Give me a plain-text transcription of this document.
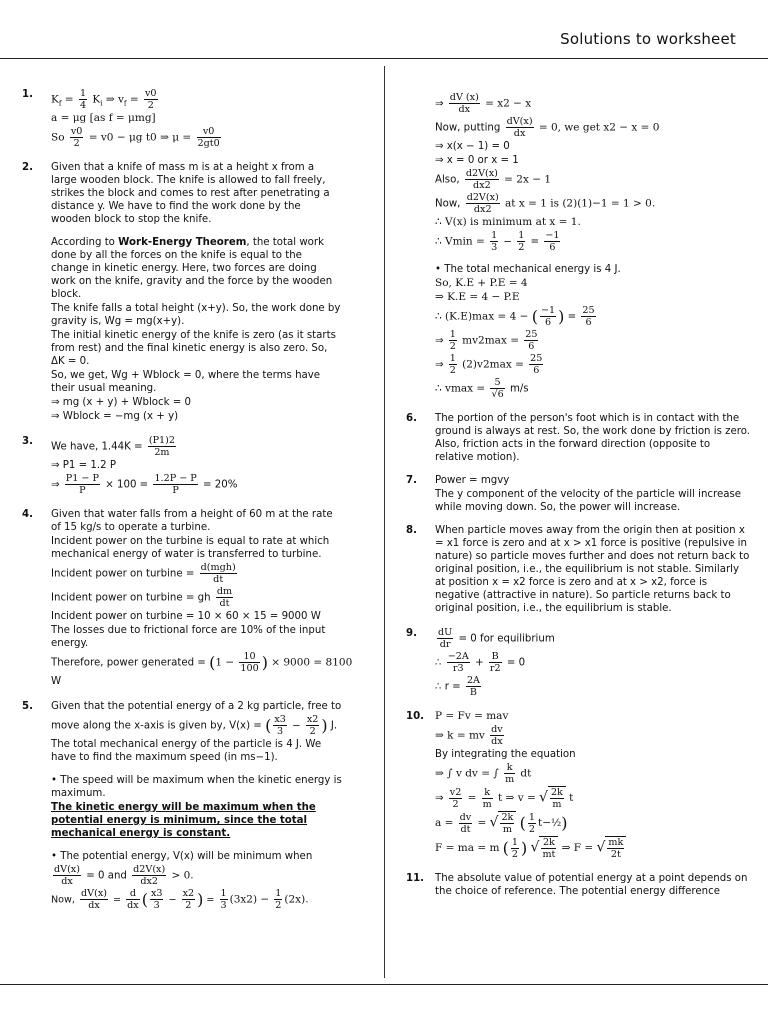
Solutions to worksheet
1. $K_f = \frac{1}{4} K_i$ ⇒ $v_f = \frac{v0}{2}$
a = μg [as f = μmg]
So $\frac{v0}{2} = v0 - \mu g$ t0 ⇒ $\mu = \frac{v0}{2gt0}$
2. Given that a knife of mass m is at a height x from a large wooden block. The knife is allowed to fall freely, strikes the block and comes to rest after penetrating a distance y. We have to find the work done by the wooden block to stop the knife.
According to Work-Energy Theorem, the total work done by all the forces on the knife is equal to the change in kinetic energy. Here, two forces are doing work on the knife, gravity and the force by the wooden block.
The knife falls a total height (x+y). So, the work done by gravity is, Wg = mg(x+y).
The initial kinetic energy of the knife is zero (as it starts from rest) and the final kinetic energy is also zero. So, ΔK = 0.
So, we get, Wg + Wblock = 0, where the terms have their usual meaning.
⇒ mg (x + y) + Wblock = 0
⇒ Wblock = −mg (x + y)
3. We have, $1.44K = \frac{(P1)2}{2m}$
⇒ P1 = 1.2 P
⇒ $\frac{P1 - P}{P} \times 100 = \frac{1.2P - P}{P} = 20\%$
4. Given that water falls from a height of 60 m at the rate of 15 kg/s to operate a turbine.
Incident power on the turbine is equal to rate at which mechanical energy of water is transferred to turbine.
Incident power on turbine =
d(mgh)
dt
Incident power on turbine = gh $\frac{dm}{dt}$
Incident power on turbine = 10 × 60 × 15 = 9000 W
The losses due to frictional force are 10% of the input energy.
Therefore, power generated = ($1 - \frac{10}{100}$ ) × 9000 = 8100
W
5. Given that the potential energy of a 2 kg particle, free to
move along the x-axis is given by, V(x) = ( $\frac{x3}{3} - \frac{x2}{2}$ ) J.
The total mechanical energy of the particle is 4 J. We have to find the maximum speed (in ms−1).
• The speed will be maximum when the kinetic energy is maximum.
The kinetic energy will be maximum when the potential energy is minimum, since the total mechanical energy is constant.
• The potential energy, V(x) will be minimum when
$\frac{dV(x)}{dx} = 0$ and $\frac{d2V(x)}{dx2} > 0$.
Now, $\frac{dV(x)}{dx} = \frac{d}{dx}$ ( $\frac{x3}{3} - \frac{x2}{2}$ ) = $\frac{1}{3} (3x2) - \frac{1}{2} (2x)$.
⇒ $\frac{dV (x)}{dx} = x2 - x$
Now, putting $\frac{dV(x)}{dx} = 0$, we get x2 − x = 0
⇒ x(x − 1) = 0
⇒ x = 0 or x = 1
Also, $\frac{d2V(x)}{dx2} = 2x - 1$
Now, $\frac{d2V(x)}{dx2}$ at x = 1 is (2)(1)−1 = 1 > 0.
∴ V(x) is minimum at x = 1.
∴ $Vmin = \frac{1}{3} - \frac{1}{2} = \frac{-1}{6}$
• The total mechanical energy is 4 J.
So, K.E + P.E = 4
⇒ K.E = 4 − P.E
∴ (K.E)max = 4 − ( $\frac{-1}{6}$ ) = $\frac{25}{6}$
⇒ $\frac{1}{2} mv2\max = \frac{25}{6}$
⇒ $\frac{1}{2} (2)v2\max = \frac{25}{6}$
∴ $vmax = \frac{5}{√6} m/s$
6. The portion of the person's foot which is in contact with the ground is always at rest. So, the work done by friction is zero. Also, friction acts in the forward direction (opposite to relative motion).
7. Power = mgvy
The y component of the velocity of the particle will increase while moving down. So, the power will increase.
8. When particle moves away from the origin then at position x = x1 force is zero and at x > x1 force is positive (repulsive in nature) so particle moves further and does not return back to original position, i.e., the equilibrium is not stable. Similarly at position x = x2 force is zero and at x > x2, force is negative (attractive in nature). So particle returns back to original position, i.e., the equilibrium is stable.
9. $\frac{dU}{dr} = 0$ for equilibrium
∴ $\frac{-2A}{r3} + \frac{B}{r2} = 0$
∴ $r = \frac{2A}{B}$
10. P = Fv = mav
⇒ k = mv $\frac{dv}{dx}$
By integrating the equation
⇒ ∫ v dv = ∫ $\frac{k}{m}$ dt
⇒ $\frac{v2}{2} = \frac{k}{m}$ t ⇒ v = √ $\frac{2k}{m}$ t
$a = \frac{dv}{dt}$ = √ $\frac{2k}{m}$ ( $\frac{1}{2}$ t−½)
F = ma = m ( $\frac{1}{2}$ ) √ $\frac{2k}{mt}$ ⇒ F = √ $\frac{mk}{2t}$
11. The absolute value of potential energy at a point depends on the choice of reference. The potential energy difference
